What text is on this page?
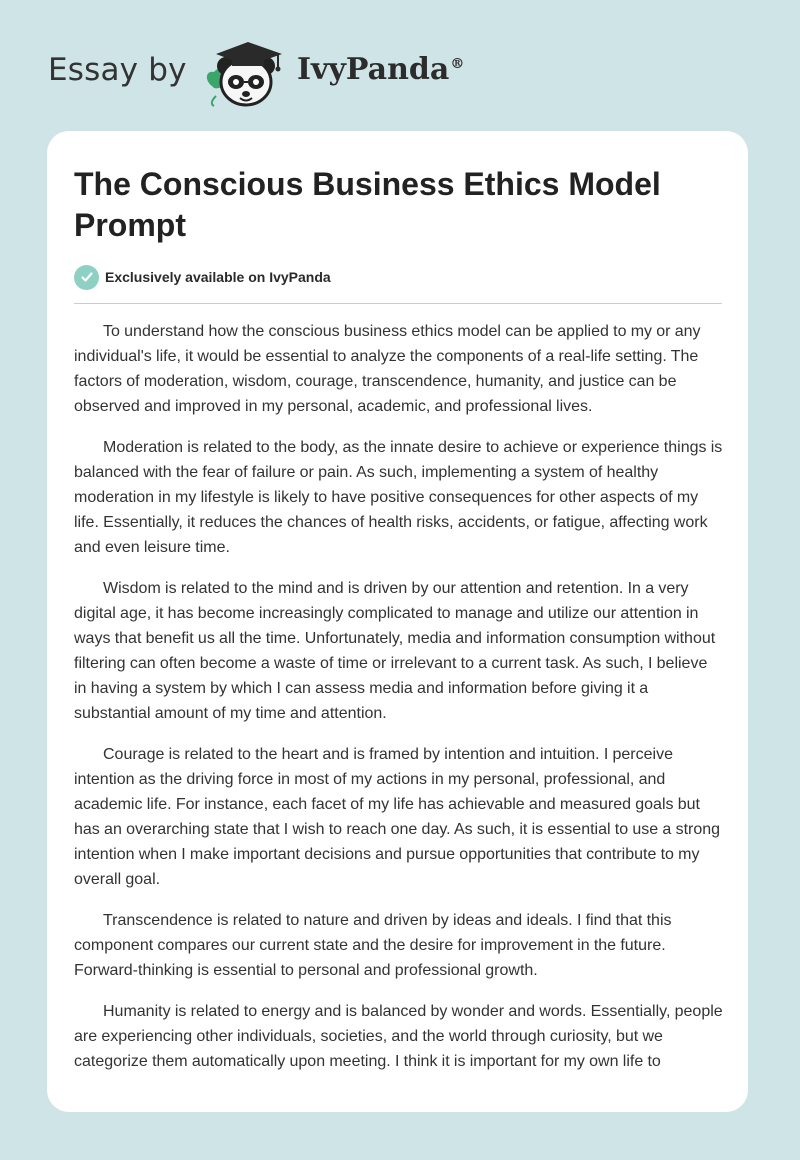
Essay by	IvyPanda®
The Conscious Business Ethics Model Prompt
Exclusively available on IvyPanda

To understand how the conscious business ethics model can be applied to my or any individual's life, it would be essential to analyze the components of a real-life setting. The factors of moderation, wisdom, courage, transcendence, humanity, and justice can be observed and improved in my personal, academic, and professional lives.

Moderation is related to the body, as the innate desire to achieve or experience things is balanced with the fear of failure or pain. As such, implementing a system of healthy moderation in my lifestyle is likely to have positive consequences for other aspects of my life. Essentially, it reduces the chances of health risks, accidents, or fatigue, affecting work and even leisure time.

Wisdom is related to the mind and is driven by our attention and retention. In a very digital age, it has become increasingly complicated to manage and utilize our attention in ways that benefit us all the time. Unfortunately, media and information consumption without filtering can often become a waste of time or irrelevant to a current task. As such, I believe in having a system by which I can assess media and information before giving it a substantial amount of my time and attention.

Courage is related to the heart and is framed by intention and intuition. I perceive intention as the driving force in most of my actions in my personal, professional, and academic life. For instance, each facet of my life has achievable and measured goals but has an overarching state that I wish to reach one day. As such, it is essential to use a strong intention when I make important decisions and pursue opportunities that contribute to my overall goal.

Transcendence is related to nature and driven by ideas and ideals. I find that this component compares our current state and the desire for improvement in the future. Forward-thinking is essential to personal and professional growth.

Humanity is related to energy and is balanced by wonder and words. Essentially, people are experiencing other individuals, societies, and the world through curiosity, but we categorize them automatically upon meeting. I think it is important for my own life to
